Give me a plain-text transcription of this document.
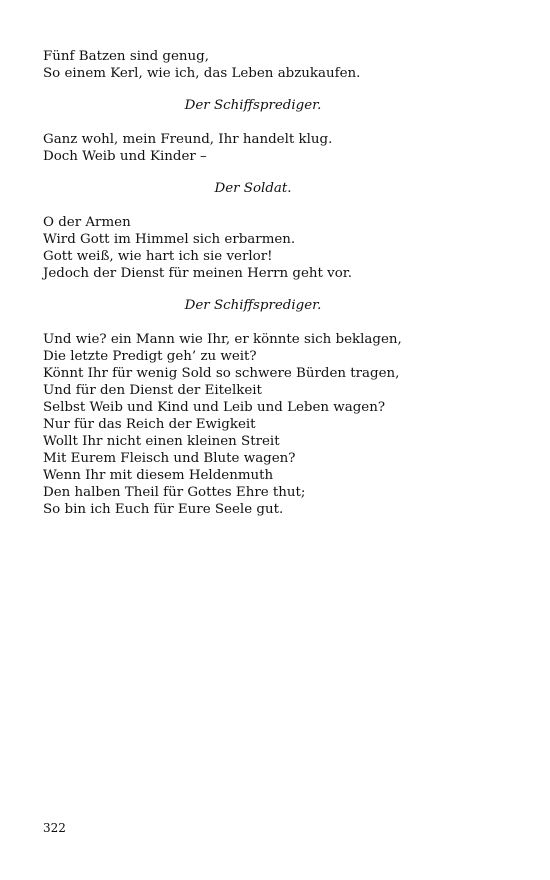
Fünf Batzen sind genug,
So einem Kerl, wie ich, das Leben abzukaufen.
Der Schiffsprediger.
Ganz wohl, mein Freund, Ihr handelt klug.
Doch Weib und Kinder –
Der Soldat.
O der Armen
Wird Gott im Himmel sich erbarmen.
Gott weiß, wie hart ich sie verlor!
Jedoch der Dienst für meinen Herrn geht vor.
Der Schiffsprediger.
Und wie? ein Mann wie Ihr, er könnte sich beklagen,
Die letzte Predigt geh’ zu weit?
Könnt Ihr für wenig Sold so schwere Bürden tragen,
Und für den Dienst der Eitelkeit
Selbst Weib und Kind und Leib und Leben wagen?
Nur für das Reich der Ewigkeit
Wollt Ihr nicht einen kleinen Streit
Mit Eurem Fleisch und Blute wagen?
Wenn Ihr mit diesem Heldenmuth
Den halben Theil für Gottes Ehre thut;
So bin ich Euch für Eure Seele gut.
322
